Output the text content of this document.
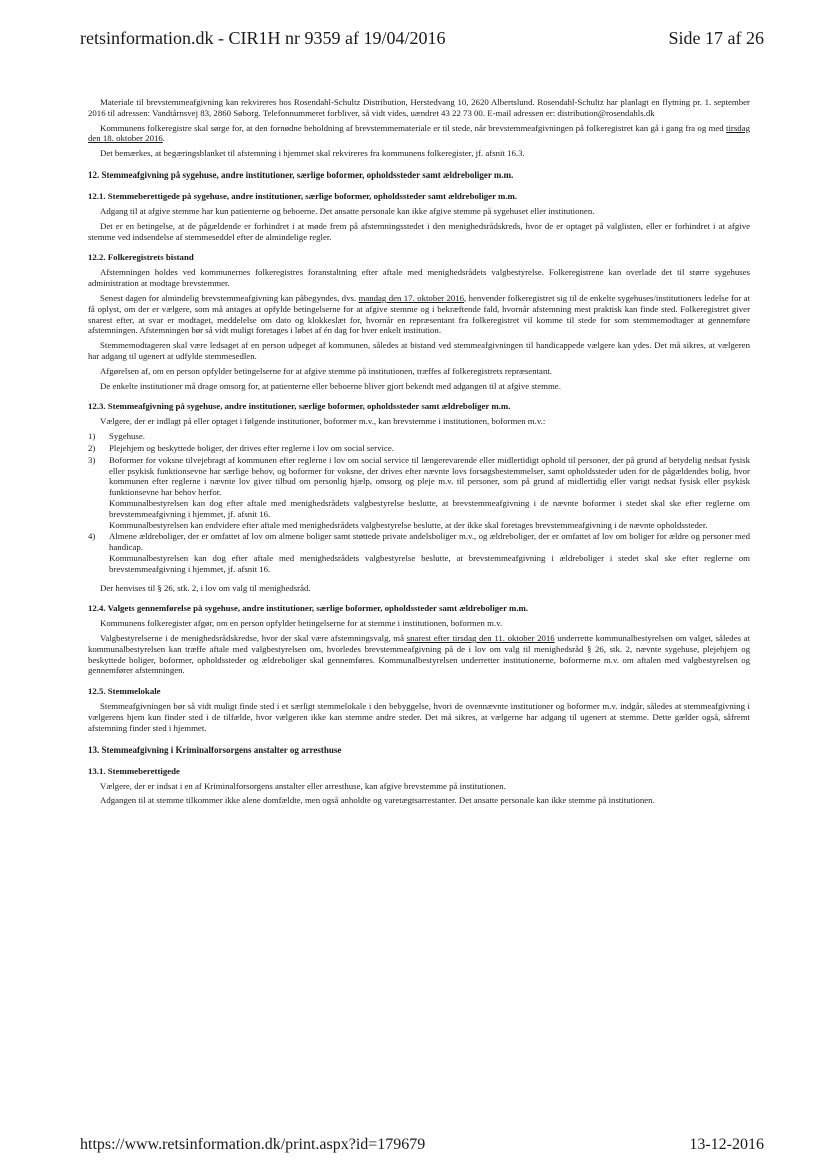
retsinformation.dk - CIR1H nr 9359 af 19/04/2016	Side 17 af 26

Materiale til brevstemmeafgivning kan rekvireres hos Rosendahl-Schultz Distribution, Herstedvang 10, 2620 Albertslund. Rosendahl-Schultz har planlagt en flytning pr. 1. september 2016 til adressen: Vandtårnsvej 83, 2860 Søborg. Telefonnummeret forbliver, så vidt vides, uændret 43 22 73 00. E-mail adressen er: distribution@rosendahls.dk

Kommunens folkeregistre skal sørge for, at den fornødne beholdning af brevstemmemateriale er til stede, når brevstemmeafgivningen på folkeregistret kan gå i gang fra og med tirsdag den 18. oktober 2016.

Det bemærkes, at begæringsblanket til afstemning i hjemmet skal rekvireres fra kommunens folkeregister, jf. afsnit 16.3.

12. Stemmeafgivning på sygehuse, andre institutioner, særlige boformer, opholdssteder samt ældreboliger m.m.
12.1. Stemmeberettigede på sygehuse, andre institutioner, særlige boformer, opholdssteder samt ældreboliger m.m.

Adgang til at afgive stemme har kun patienterne og beboerne. Det ansatte personale kan ikke afgive stemme på sygehuset eller institutionen.

Det er en betingelse, at de pågældende er forhindret i at møde frem på afstemningsstedet i den menighedsrådskreds, hvor de er optaget på valglisten, eller er forhindret i at afgive stemme ved indsendelse af stemmeseddel efter de almindelige regler.

12.2. Folkeregistrets bistand

Afstemningen holdes ved kommunernes folkeregistres foranstaltning efter aftale med menighedsrådets valgbestyrelse. Folkeregistrene kan overlade det til større sygehuses administration at modtage brevstemmer.

Senest dagen for almindelig brevstemmeafgivning kan påbegyndes, dvs. mandag den 17. oktober 2016, henvender folkeregistret sig til de enkelte sygehuses/institutioners ledelse for at få oplyst, om der er vælgere, som må antages at opfylde betingelserne for at afgive stemme og i bekræftende fald, hvornår afstemning mest praktisk kan finde sted. Folkeregistret giver snarest efter, at svar er modtaget, meddelelse om dato og klokkeslæt for, hvornår en repræsentant fra folkeregistret vil komme til stede for som stemmemodtager at gennemføre afstemningen. Afstemningen bør så vidt muligt foretages i løbet af én dag for hver enkelt institution.

Stemmemodtageren skal være ledsaget af en person udpeget af kommunen, således at bistand ved stemmeafgivningen til handicappede vælgere kan ydes. Det må sikres, at vælgeren har adgang til ugenert at udfylde stemmesedlen.

Afgørelsen af, om en person opfylder betingelserne for at afgive stemme på institutionen, træffes af folkeregistrets repræsentant.

De enkelte institutioner må drage omsorg for, at patienterne eller beboerne bliver gjort bekendt med adgangen til at afgive stemme.

12.3. Stemmeafgivning på sygehuse, andre institutioner, særlige boformer, opholdssteder samt ældreboliger m.m.

Vælgere, der er indlagt på eller optaget i følgende institutioner, boformer m.v., kan brevstemme i institutionen, boformen m.v.:

1) Sygehuse.
2) Plejehjem og beskyttede boliger, der drives efter reglerne i lov om social service.
3) Boformer for voksne tilvejebragt af kommunen efter reglerne i lov om social service til længerevarende eller midlertidigt ophold til personer, der på grund af betydelig nedsat fysisk eller psykisk funktionsevne har særlige behov, og boformer for voksne, der drives efter nævnte lovs forsøgsbestemmelser, samt opholdssteder uden for de pågældendes bolig, hvor kommunen efter reglerne i nævnte lov giver tilbud om personlig hjælp, omsorg og pleje m.v. til personer, som på grund af midlertidig eller varigt nedsat fysisk eller psykisk funktionsevne har behov herfor.
Kommunalbestyrelsen kan dog efter aftale med menighedsrådets valgbestyrelse beslutte, at brevstemmeafgivning i de nævnte boformer i stedet skal ske efter reglerne om brevstemmeafgivning i hjemmet, jf. afsnit 16.
Kommunalbestyrelsen kan endvidere efter aftale med menighedsrådets valgbestyrelse beslutte, at der ikke skal foretages brevstemmeafgivning i de nævnte opholdssteder.
4) Almene ældreboliger, der er omfattet af lov om almene boliger samt støttede private andelsboliger m.v., og ældreboliger, der er omfattet af lov om boliger for ældre og personer med handicap.
Kommunalbestyrelsen kan dog efter aftale med menighedsrådets valgbestyrelse beslutte, at brevstemmeafgivning i ældreboliger i stedet skal ske efter reglerne om brevstemmeafgivning i hjemmet, jf. afsnit 16.

Der henvises til § 26, stk. 2, i lov om valg til menighedsråd.

12.4. Valgets gennemførelse på sygehuse, andre institutioner, særlige boformer, opholdssteder samt ældreboliger m.m.

Kommunens folkeregister afgør, om en person opfylder betingelserne for at stemme i institutionen, boformen m.v.

Valgbestyrelserne i de menighedsrådskredse, hvor der skal være afstemningsvalg, må snarest efter tirsdag den 11. oktober 2016 underrette kommunalbestyrelsen om valget, således at kommunalbestyrelsen kan træffe aftale med valgbestyrelsen om, hvorledes brevstemmeafgivning på de i lov om valg til menighedsråd § 26, stk. 2, nævnte sygehuse, plejehjem og beskyttede boliger, boformer, opholdssteder og ældreboliger skal gennemføres. Kommunalbestyrelsen underretter institutionerne, boformerne m.v. om aftalen med valgbestyrelsen og gennemfører afstemningen.

12.5. Stemmelokale

Stemmeafgivningen bør så vidt muligt finde sted i et særligt stemmelokale i den bebyggelse, hvori de ovennævnte institutioner og boformer m.v. indgår, således at stemmeafgivning i vælgerens hjem kun finder sted i de tilfælde, hvor vælgeren ikke kan stemme andre steder. Det må sikres, at vælgerne har adgang til ugenert at stemme. Dette gælder også, såfremt afstemning finder sted i hjemmet.

13. Stemmeafgivning i Kriminalforsorgens anstalter og arresthuse
13.1. Stemmeberettigede

Vælgere, der er indsat i en af Kriminalforsorgens anstalter eller arresthuse, kan afgive brevstemme på institutionen.

Adgangen til at stemme tilkommer ikke alene domfældte, men også anholdte og varetægtsarrestanter. Det ansatte personale kan ikke stemme på institutionen.

https://www.retsinformation.dk/print.aspx?id=179679	13-12-2016
